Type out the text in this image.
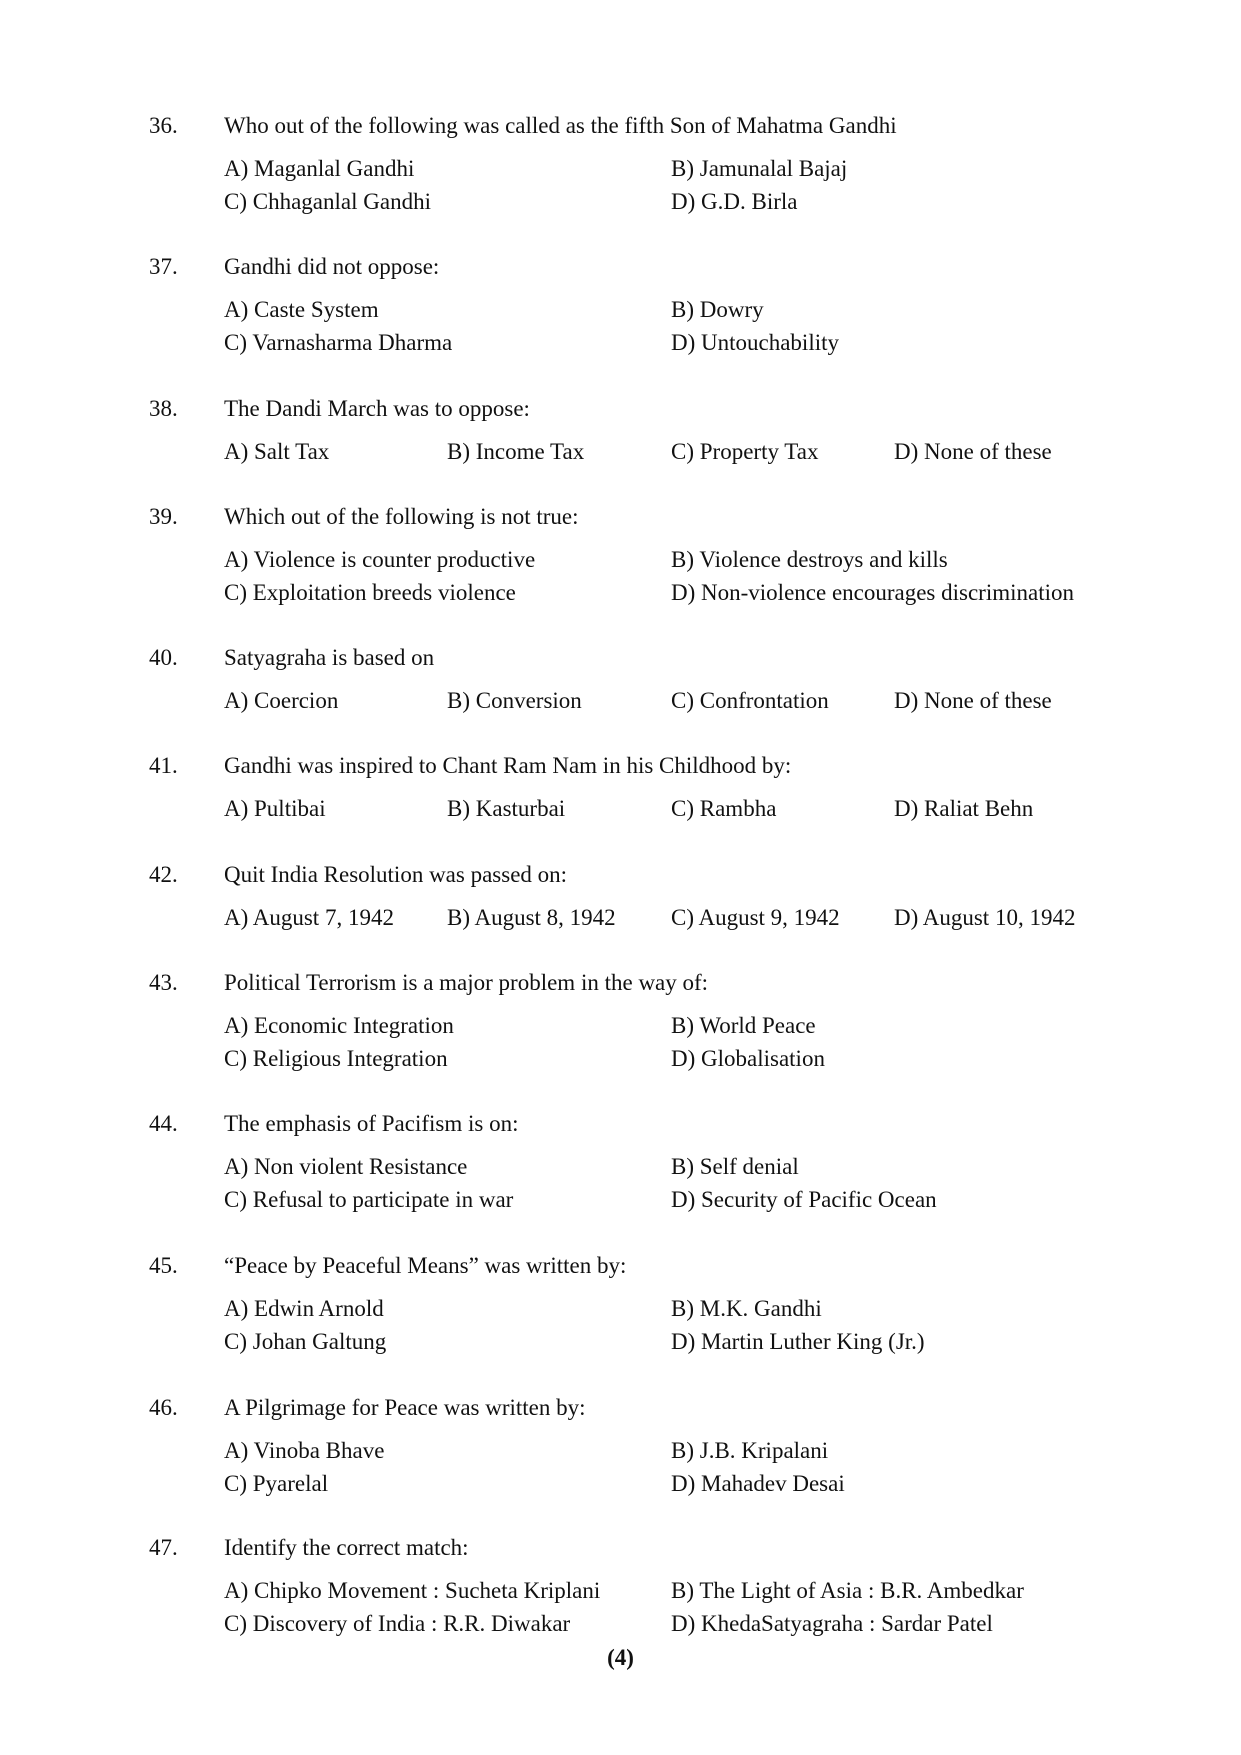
36. Who out of the following was called as the fifth Son of Mahatma Gandhi
A) Maganlal Gandhi	B) Jamunalal Bajaj
C) Chhaganlal Gandhi	D) G.D. Birla
37. Gandhi did not oppose:
A) Caste System	B) Dowry
C) Varnasharma Dharma	D) Untouchability
38. The Dandi March was to oppose:
A) Salt Tax	B) Income Tax	C) Property Tax	D) None of these
39. Which out of the following is not true:
A) Violence is counter productive	B) Violence destroys and kills
C) Exploitation breeds violence	D) Non-violence encourages discrimination
40. Satyagraha is based on
A) Coercion	B) Conversion	C) Confrontation	D) None of these
41. Gandhi was inspired to Chant Ram Nam in his Childhood by:
A) Pultibai	B) Kasturbai	C) Rambha	D) Raliat Behn
42. Quit India Resolution was passed on:
A) August 7, 1942 B) August 8, 1942 C) August 9, 1942 D) August 10, 1942
43. Political Terrorism is a major problem in the way of:
A) Economic Integration	B) World Peace
C) Religious Integration	D) Globalisation
44. The emphasis of Pacifism is on:
A) Non violent Resistance	B) Self denial
C) Refusal to participate in war	D) Security of Pacific Ocean
45. “Peace by Peaceful Means” was written by:
A) Edwin Arnold	B) M.K. Gandhi
C) Johan Galtung	D) Martin Luther King (Jr.)
46. A Pilgrimage for Peace was written by:
A) Vinoba Bhave	B) J.B. Kripalani
C) Pyarelal	D) Mahadev Desai
47. Identify the correct match:
A) Chipko Movement : Sucheta Kriplani	B) The Light of Asia : B.R. Ambedkar
C) Discovery of India : R.R. Diwakar	D) KhedaSatyagraha : Sardar Patel
(4)
